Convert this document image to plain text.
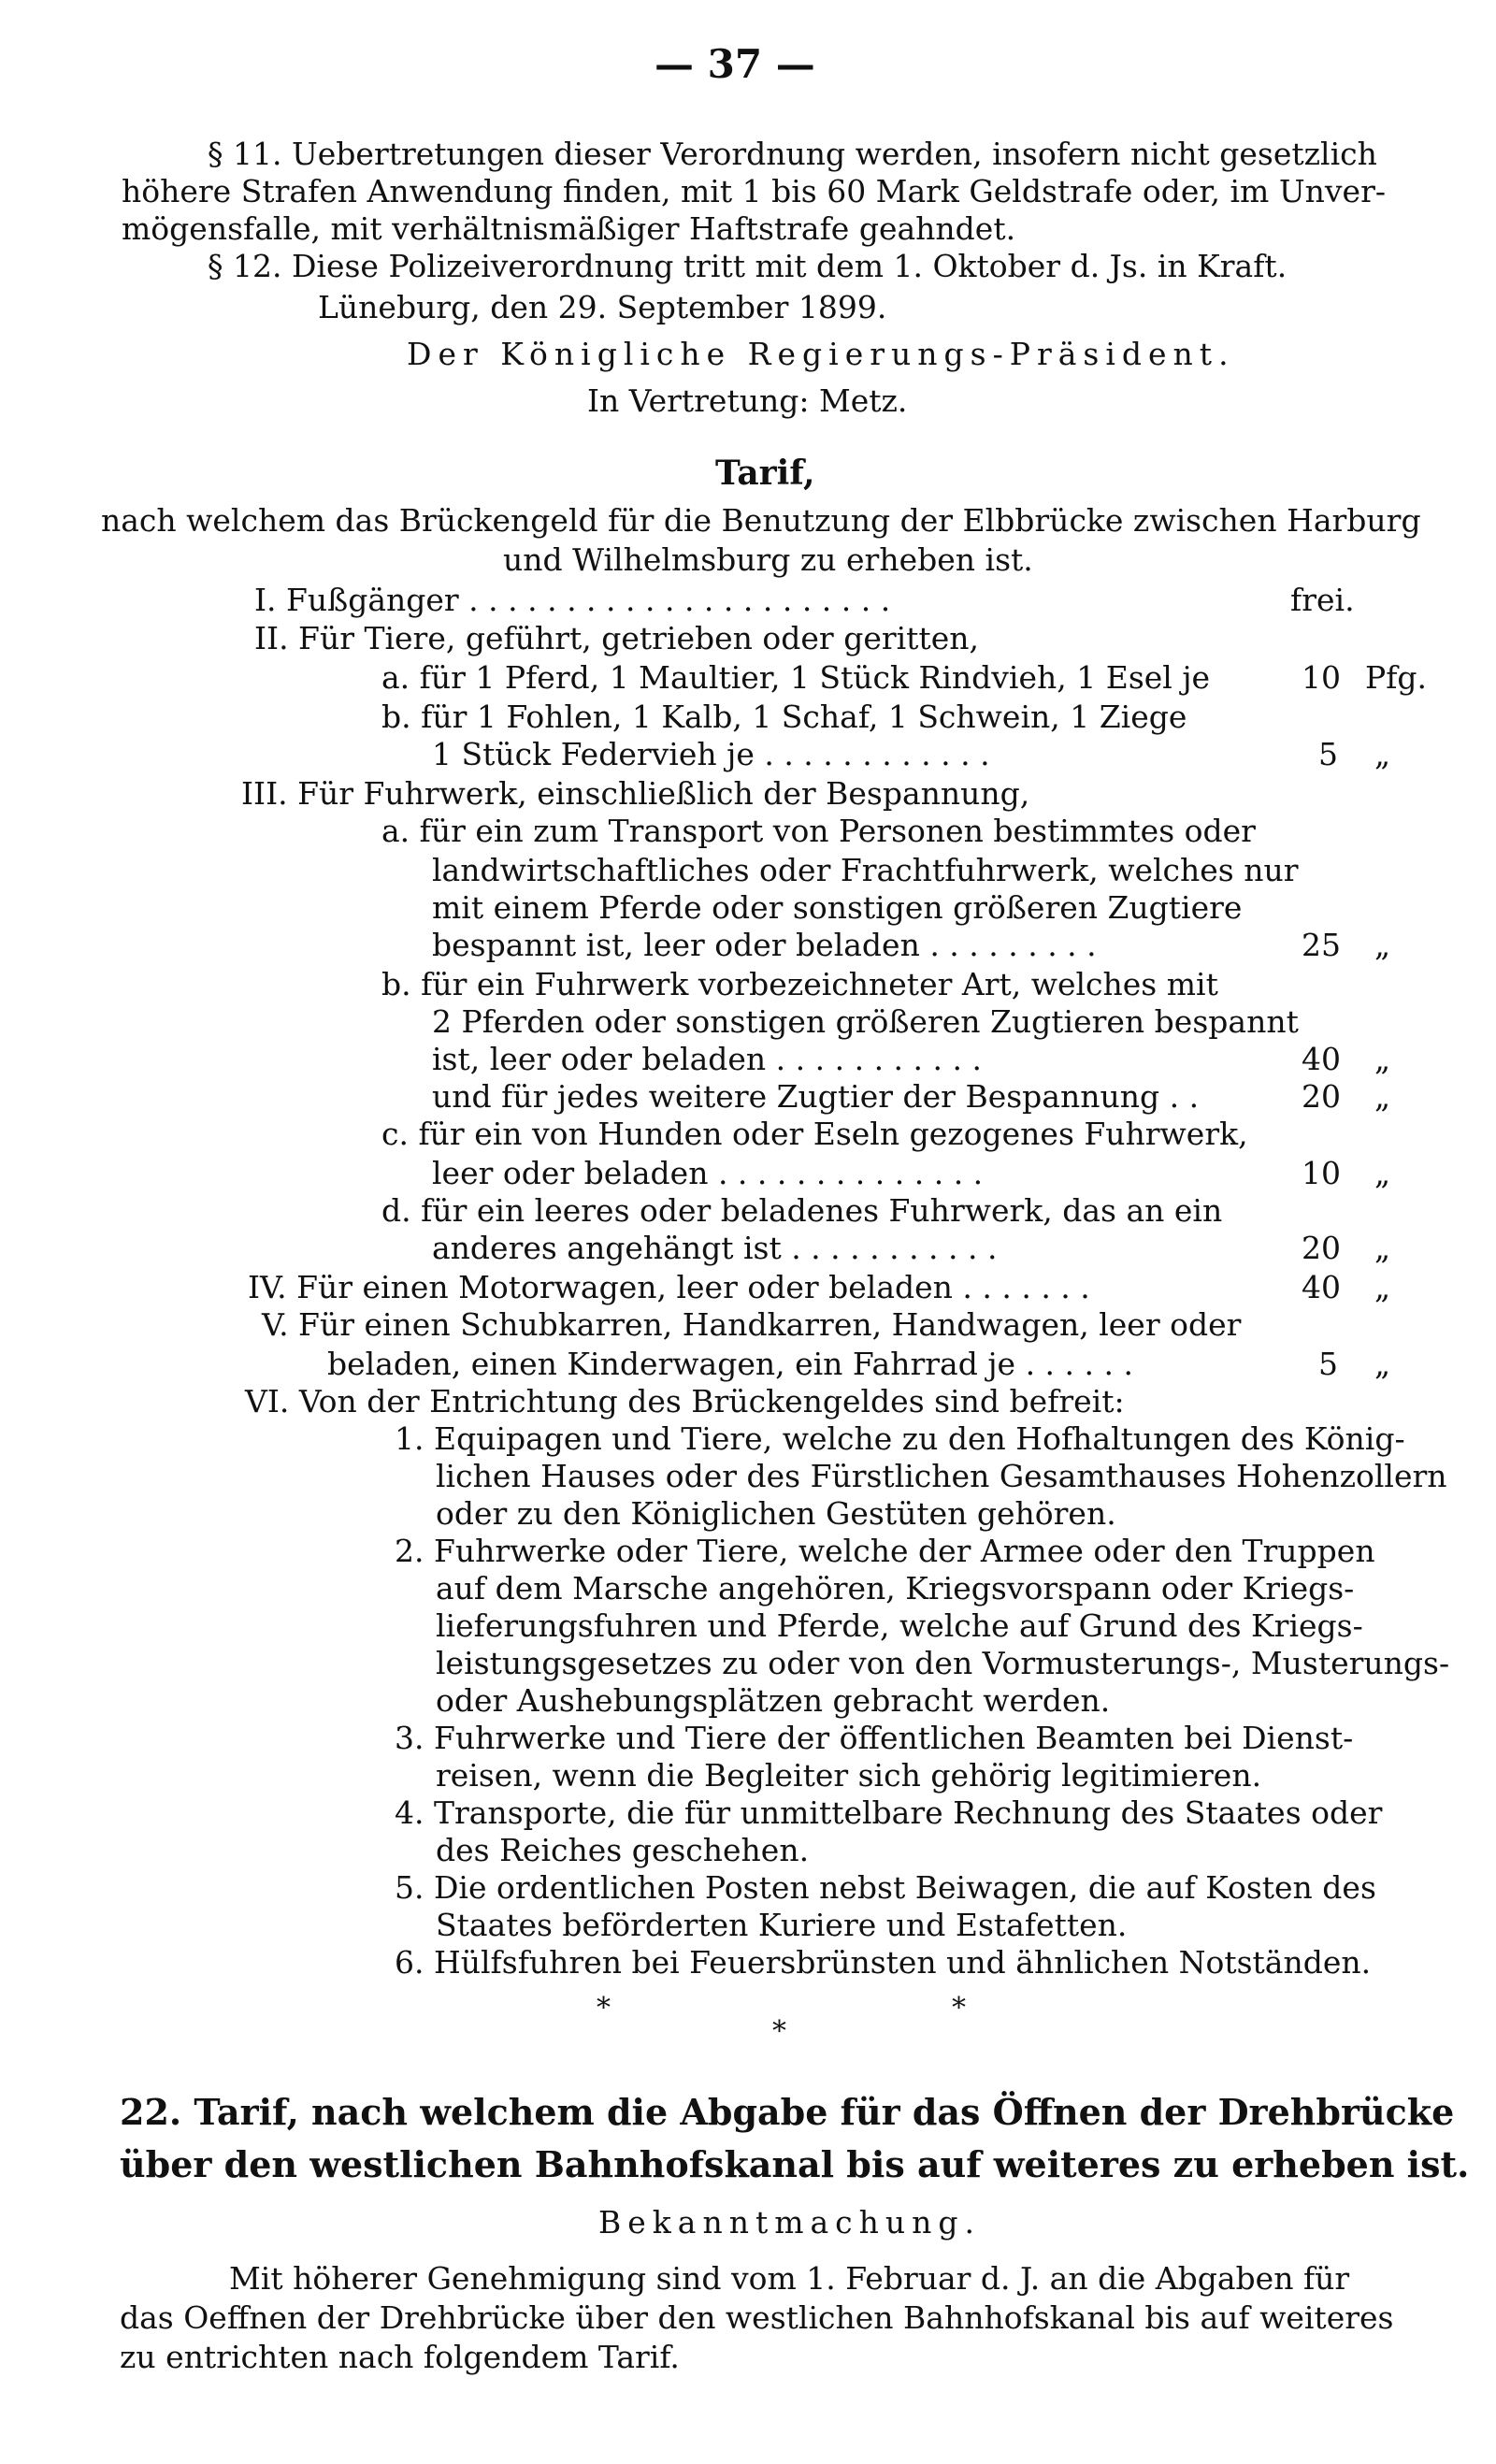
— 37 —
§ 11. Uebertretungen dieser Verordnung werden, insofern nicht gesetzlich
höhere Strafen Anwendung finden, mit 1 bis 60 Mark Geldstrafe oder, im Unver-
mögensfalle, mit verhältnismäßiger Haftstrafe geahndet.
§ 12. Diese Polizeiverordnung tritt mit dem 1. Oktober d. Js. in Kraft.
Lüneburg, den 29. September 1899.
Der Königliche Regierungs-Präsident.
In Vertretung: Metz.
Tarif,
nach welchem das Brückengeld für die Benutzung der Elbbrücke zwischen Harburg
und Wilhelmsburg zu erheben ist.
I. Fußgänger . . . . . . . . . . . . . . . . . . . . . .	frei.
II. Für Tiere, geführt, getrieben oder geritten,
a. für 1 Pferd, 1 Maultier, 1 Stück Rindvieh, 1 Esel je	10 Pfg.
b. für 1 Fohlen, 1 Kalb, 1 Schaf, 1 Schwein, 1 Ziege
1 Stück Federvieh je . . . . . . . . . . . .	5 „
III. Für Fuhrwerk, einschließlich der Bespannung,
a. für ein zum Transport von Personen bestimmtes oder
landwirtschaftliches oder Frachtfuhrwerk, welches nur
mit einem Pferde oder sonstigen größeren Zugtiere
bespannt ist, leer oder beladen . . . . . . . . .	25 „
b. für ein Fuhrwerk vorbezeichneter Art, welches mit
2 Pferden oder sonstigen größeren Zugtieren bespannt
ist, leer oder beladen . . . . . . . . . . .	40 „
und für jedes weitere Zugtier der Bespannung . .	20 „
c. für ein von Hunden oder Eseln gezogenes Fuhrwerk,
leer oder beladen . . . . . . . . . . . . . .	10 „
d. für ein leeres oder beladenes Fuhrwerk, das an ein
anderes angehängt ist . . . . . . . . . . .	20 „
IV. Für einen Motorwagen, leer oder beladen . . . . . . .	40 „
V. Für einen Schubkarren, Handkarren, Handwagen, leer oder
beladen, einen Kinderwagen, ein Fahrrad je . . . . . .	5 „
VI. Von der Entrichtung des Brückengeldes sind befreit:
1. Equipagen und Tiere, welche zu den Hofhaltungen des König-
lichen Hauses oder des Fürstlichen Gesamthauses Hohenzollern
oder zu den Königlichen Gestüten gehören.
2. Fuhrwerke oder Tiere, welche der Armee oder den Truppen
auf dem Marsche angehören, Kriegsvorspann oder Kriegs-
lieferungsfuhren und Pferde, welche auf Grund des Kriegs-
leistungsgesetzes zu oder von den Vormusterungs-, Musterungs-
oder Aushebungsplätzen gebracht werden.
3. Fuhrwerke und Tiere der öffentlichen Beamten bei Dienst-
reisen, wenn die Begleiter sich gehörig legitimieren.
4. Transporte, die für unmittelbare Rechnung des Staates oder
des Reiches geschehen.
5. Die ordentlichen Posten nebst Beiwagen, die auf Kosten des
Staates beförderten Kuriere und Estafetten.
6. Hülfsfuhren bei Feuersbrünsten und ähnlichen Notständen.
*
*
*
22. Tarif, nach welchem die Abgabe für das Öffnen der Drehbrücke
über den westlichen Bahnhofskanal bis auf weiteres zu erheben ist.
Bekanntmachung.
Mit höherer Genehmigung sind vom 1. Februar d. J. an die Abgaben für
das Oeffnen der Drehbrücke über den westlichen Bahnhofskanal bis auf weiteres
zu entrichten nach folgendem Tarif.
